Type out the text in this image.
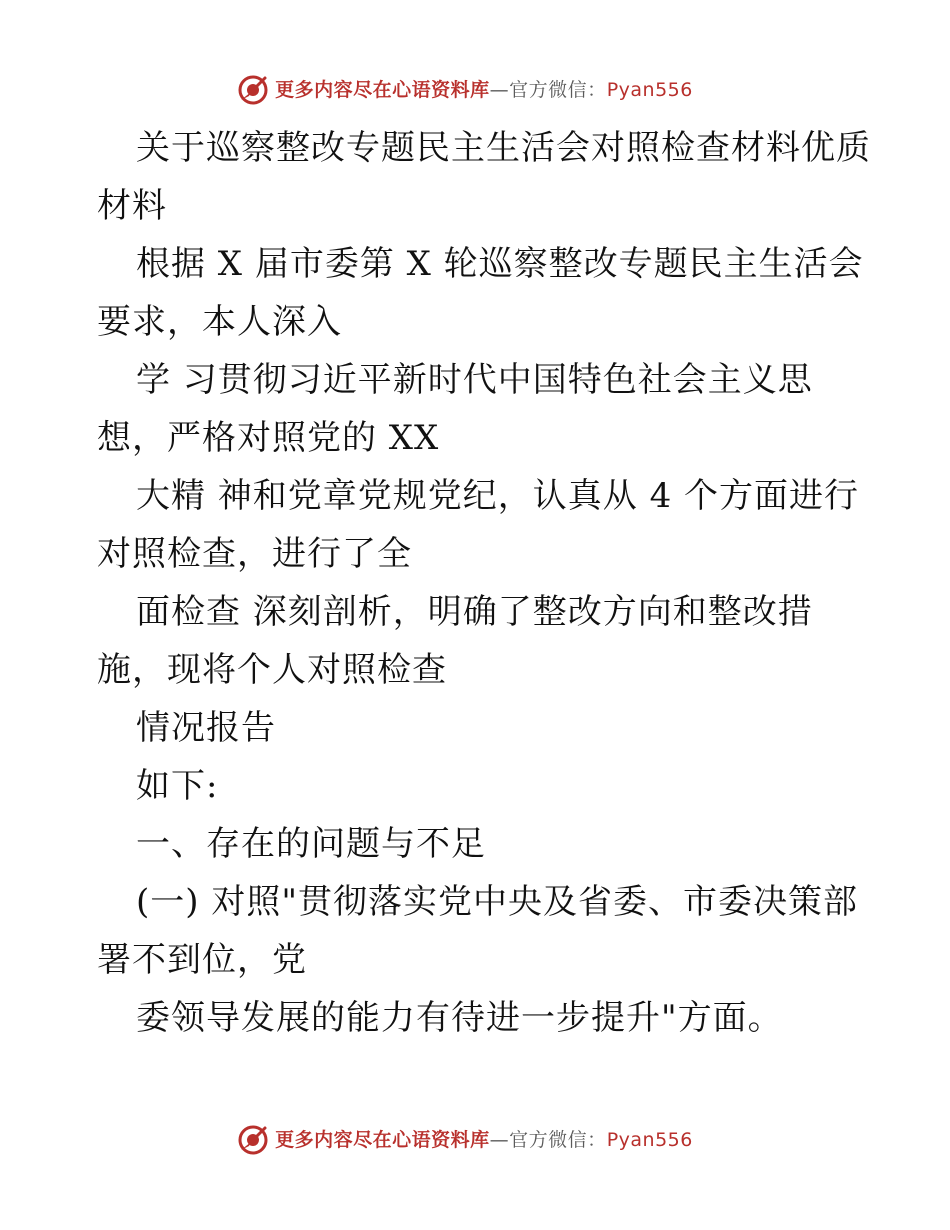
更多内容尽在心语资料库—官方微信：Pyan556
关于巡察整改专题民主生活会对照检查材料优质
材料
根据 X 届市委第 X 轮巡察整改专题民主生活会
要求，本人深入
学 习贯彻习近平新时代中国特色社会主义思
想，严格对照党的 XX
大精 神和党章党规党纪，认真从 4 个方面进行
对照检查，进行了全
面检查 深刻剖析，明确了整改方向和整改措
施，现将个人对照检查
情况报告
如下:
一、存在的问题与不足
(一) 对照"贯彻落实党中央及省委、市委决策部
署不到位，党
委领导发展的能力有待进一步提升"方面。
更多内容尽在心语资料库—官方微信：Pyan556
